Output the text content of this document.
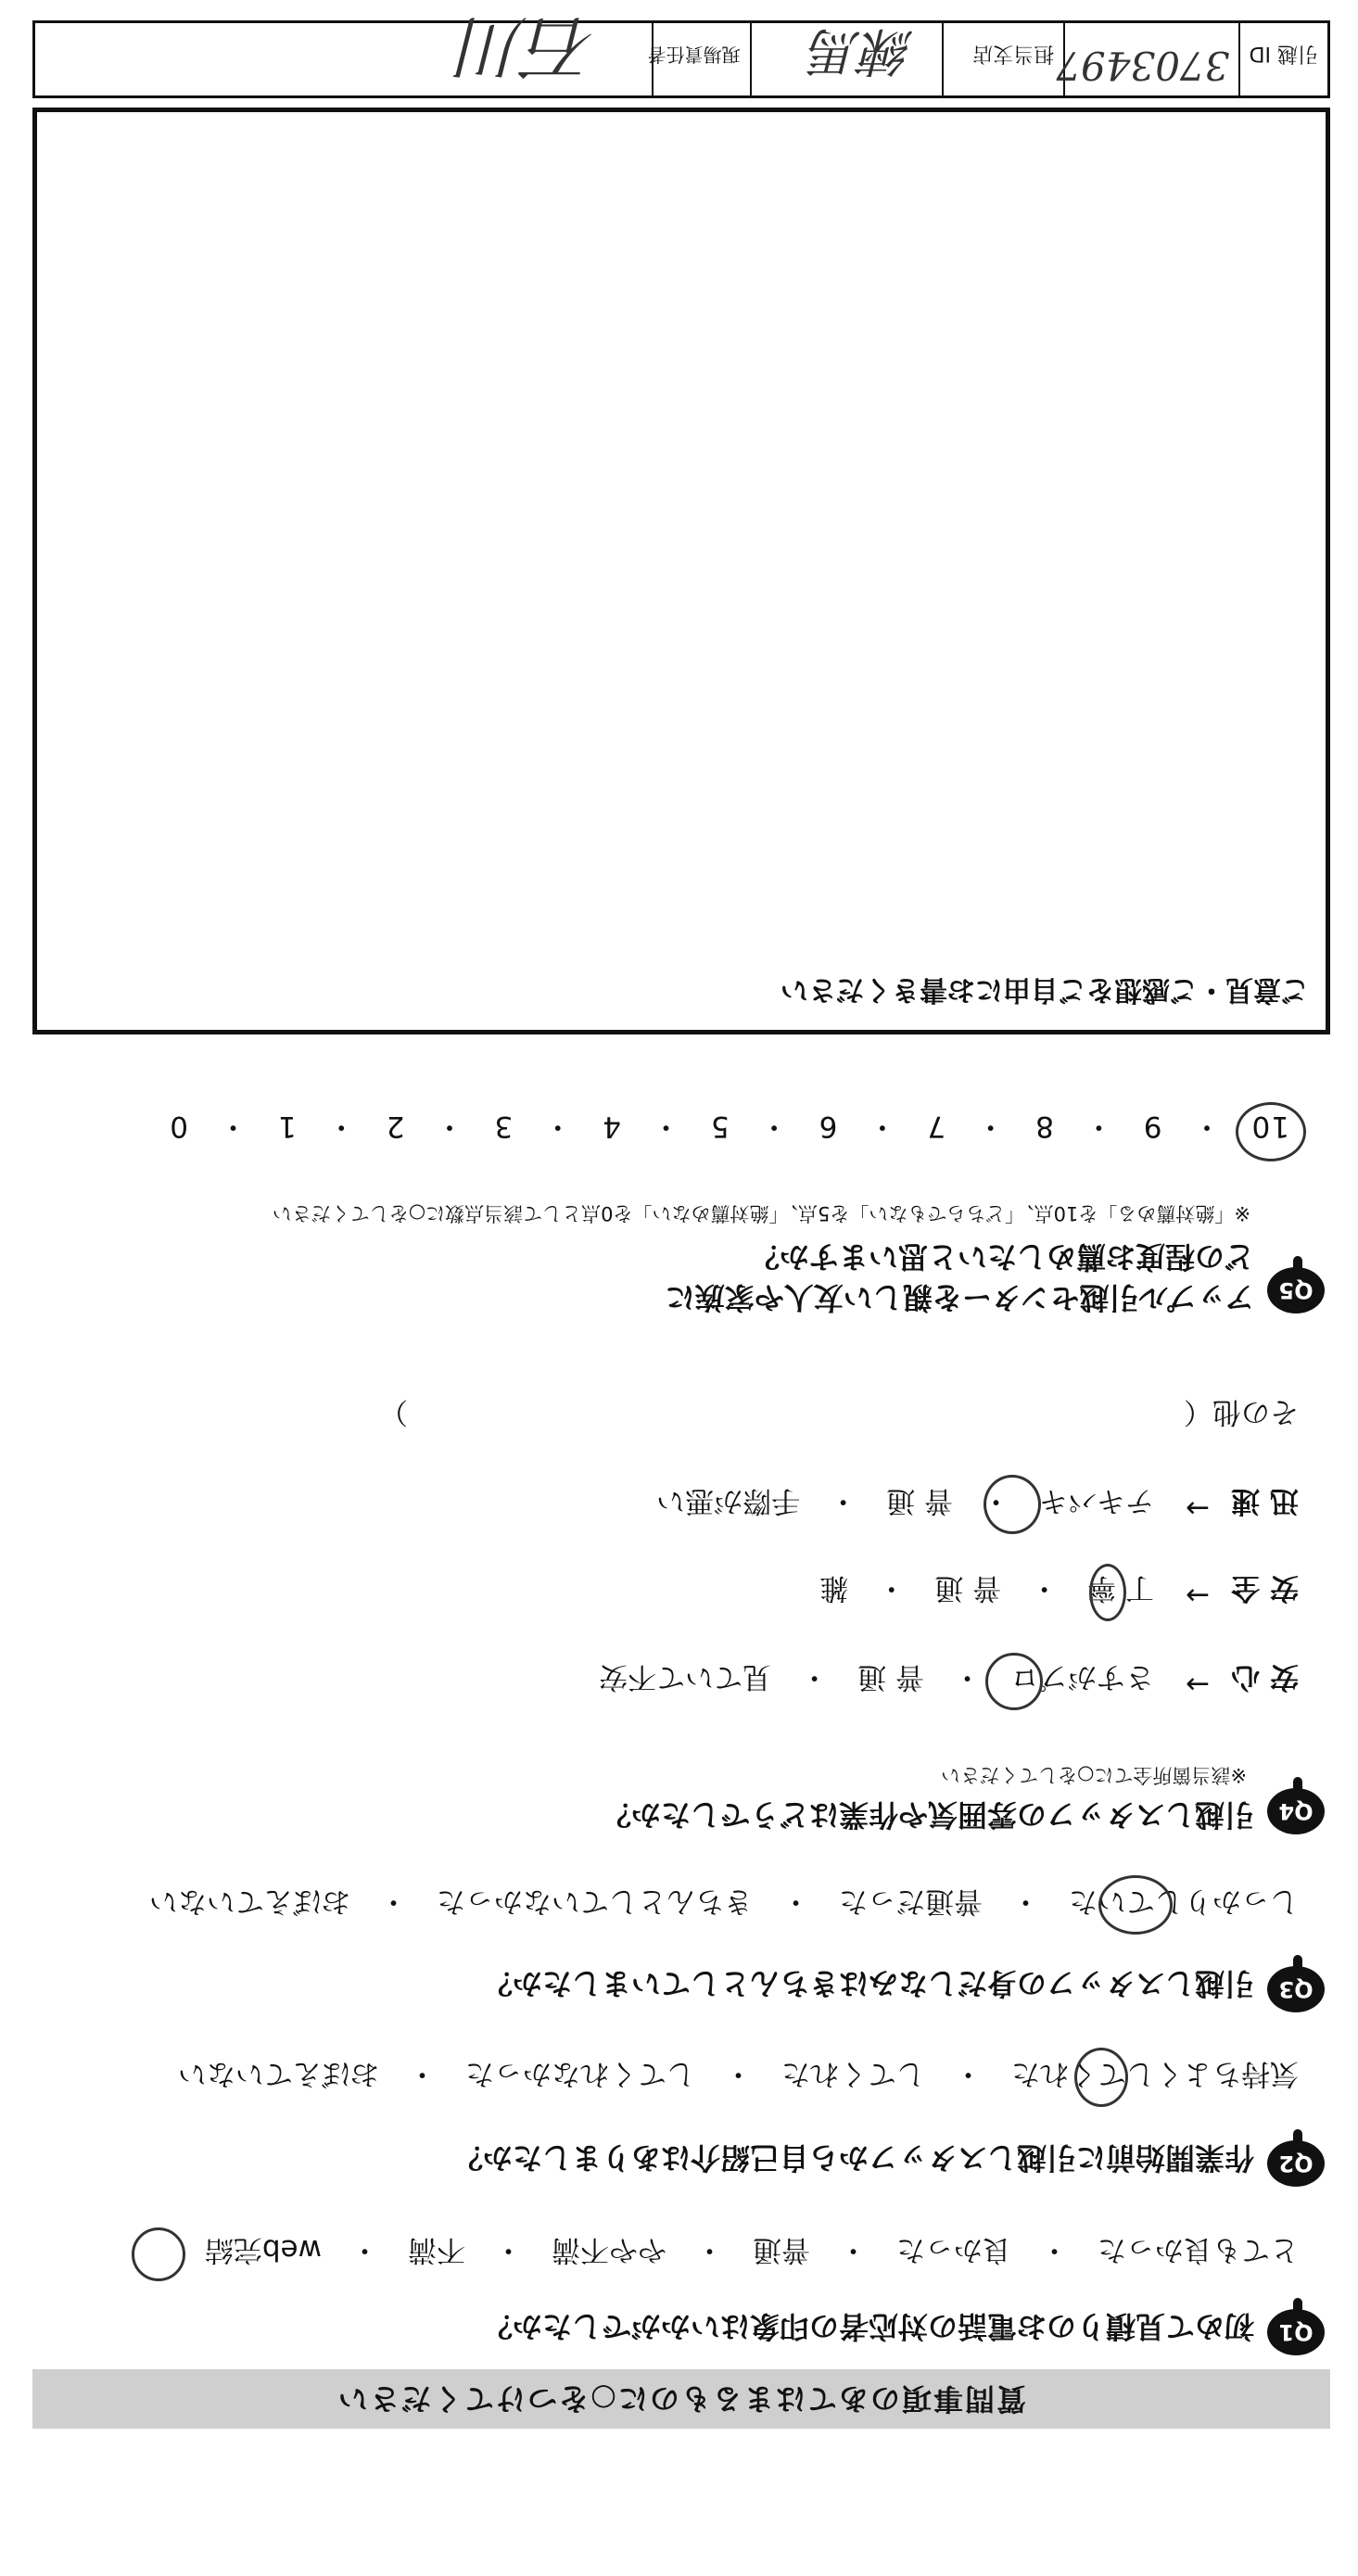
質問事項のあてはまるものに○をつけてください
Q1
初めて見積りのお電話の対応者の印象はいかがでしたか？
とても良かった　・　良かった　・　普通　・　やや不満　・　不満　・　web完結
Q2
作業開始前に引越しスタッフから自己紹介はありましたか？
気持ちよくしてくれた　・　してくれた　・　してくれなかった　・　おぼえていない
Q3
引越しスタッフの身だしなみはきちんとしていましたか？
しっかりしていた　・　普通だった　・　きちんとしていなかった　・　おぼえていない
Q4
引越しスタッフの雰囲気や作業はどうでしたか？
※該当箇所全てに○をしてください
安 心
→
さすがプロ　・　普 通　・　見ていて不安
安 全
→
丁 寧　・　普 通　・　雑
迅 速
→
テキパキ　・　普 通　・　手際が悪い
その他（　　　　　　　　　　　　　　　　　　　　　　　　　　　）
Q5
アップル引越センターを親しい友人や家族に
どの程度お薦めしたいと思いますか？
※「絶対薦める」を10点、「どちらでもない」を5点、「絶対薦めない」を0点として該当点数に○をしてください
10　・　9　・　8　・　7　・　6　・　5　・　4　・　3　・　2　・　1　・　0
ご意見・ご感想をご自由にお書きください
引越 ID
3703497
担当支店
練馬
現場責任者
石川
